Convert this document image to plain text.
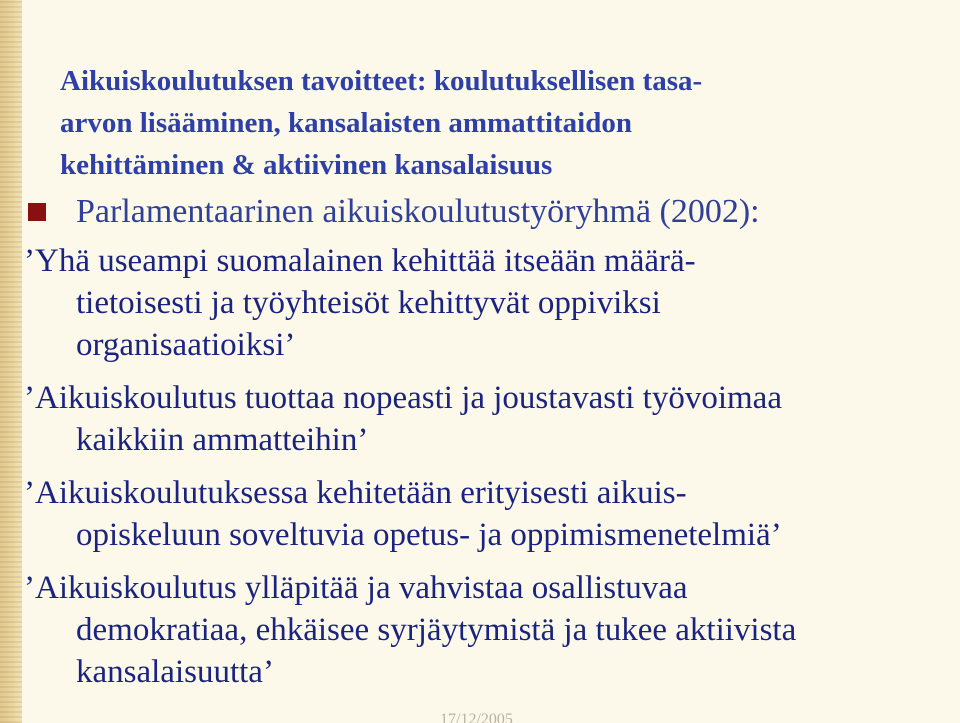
Aikuiskoulutuksen tavoitteet: koulutuksellisen tasa-
arvon lisääminen, kansalaisten ammattitaidon
kehittäminen & aktiivinen kansalaisuus
Parlamentaarinen aikuiskoulutustyöryhmä (2002):

’Yhä useampi suomalainen kehittää itseään määrä-
tietoisesti ja työyhteisöt kehittyvät oppiviksi
organisaatioiksi’

’Aikuiskoulutus tuottaa nopeasti ja joustavasti työvoimaa
kaikkiin ammatteihin’

’Aikuiskoulutuksessa kehitetään erityisesti aikuis-
opiskeluun soveltuvia opetus- ja oppimismenetelmiä’

’Aikuiskoulutus ylläpitää ja vahvistaa osallistuvaa
demokratiaa, ehkäisee syrjäytymistä ja tukee aktiivista
kansalaisuutta’

17/12/2005
